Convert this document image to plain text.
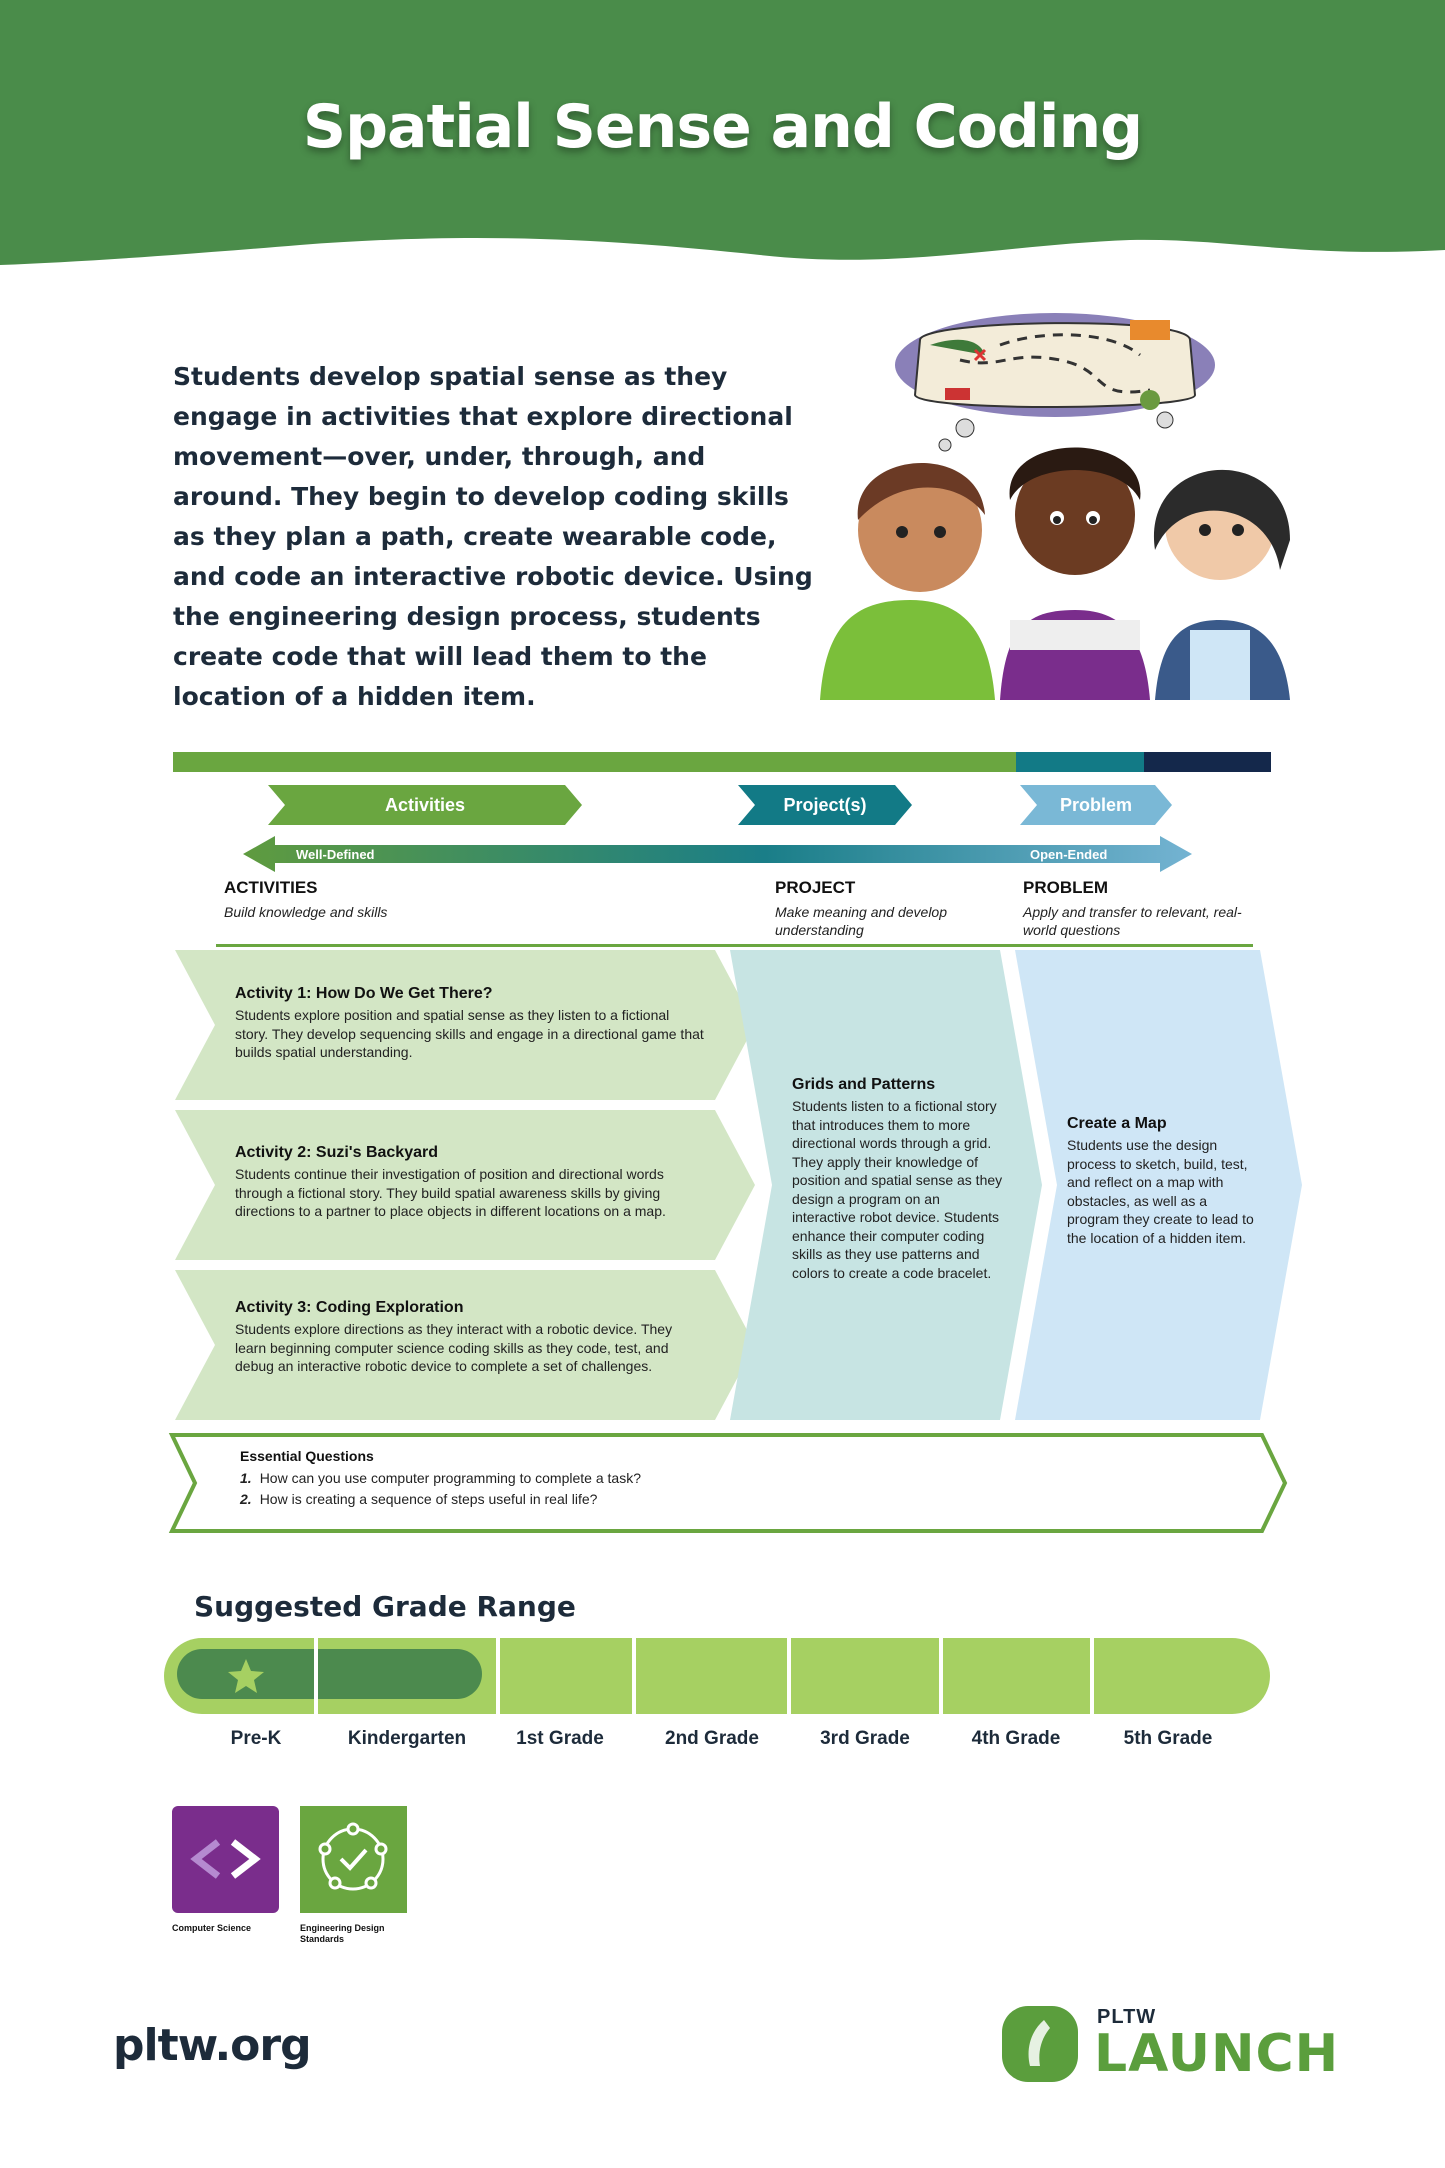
Spatial Sense and Coding
Students develop spatial sense as they engage in activities that explore directional movement—over, under, through, and around. They begin to develop coding skills as they plan a path, create wearable code, and code an interactive robotic device. Using the engineering design process, students create code that will lead them to the location of a hidden item.
Activities	Project(s)	Problem
Well-Defined	Open-Ended
ACTIVITIES
Build knowledge and skills
PROJECT
Make meaning and develop understanding
PROBLEM
Apply and transfer to relevant, real-world questions
Activity 1: How Do We Get There?
Students explore position and spatial sense as they listen to a fictional story. They develop sequencing skills and engage in a directional game that builds spatial understanding.
Activity 2: Suzi's Backyard
Students continue their investigation of position and directional words through a fictional story. They build spatial awareness skills by giving directions to a partner to place objects in different locations on a map.
Activity 3: Coding Exploration
Students explore directions as they interact with a robotic device. They learn beginning computer science coding skills as they code, test, and debug an interactive robotic device to complete a set of challenges.
Grids and Patterns
Students listen to a fictional story that introduces them to more directional words through a grid. They apply their knowledge of position and spatial sense as they design a program on an interactive robot device. Students enhance their computer coding skills as they use patterns and colors to create a code bracelet.
Create a Map
Students use the design process to sketch, build, test, and reflect on a map with obstacles, as well as a program they create to lead to the location of a hidden item.
Essential Questions
1. How can you use computer programming to complete a task?
2. How is creating a sequence of steps useful in real life?
Suggested Grade Range
Pre-K	Kindergarten	1st Grade	2nd Grade	3rd Grade	4th Grade	5th Grade
Computer Science	Engineering Design Standards
pltw.org
PLTW
LAUNCH
